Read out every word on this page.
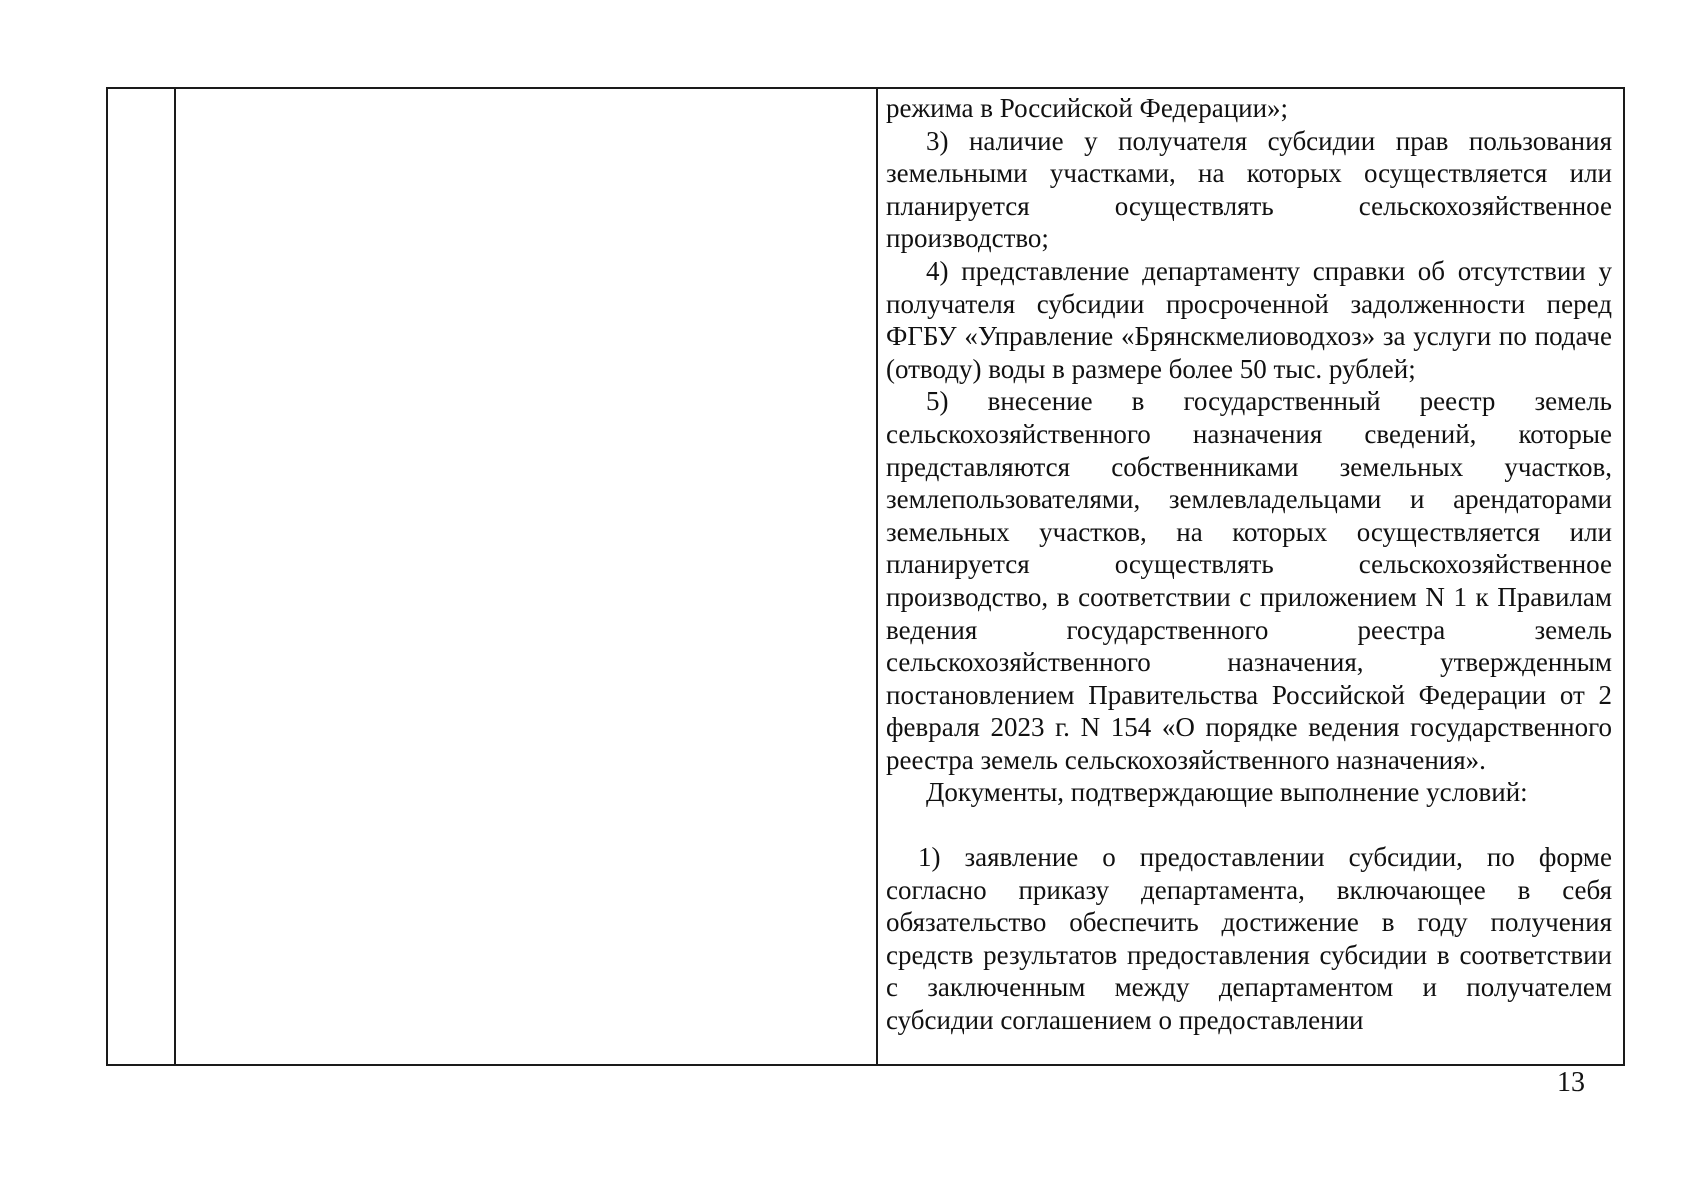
режима в Российской Федерации»;

3) наличие у получателя субсидии прав пользования земельными участками, на которых осуществляется или планируется осуществлять сельскохозяйственное производство;

4) представление департаменту справки об отсутствии у получателя субсидии просроченной задолженности перед ФГБУ «Управление «Брянскмелиоводхоз» за услуги по подаче (отводу) воды в размере более 50 тыс. рублей;

5) внесение в государственный реестр земель сельскохозяйственного назначения сведений, которые представляются собственниками земельных участков, землепользователями, землевладельцами и арендаторами земельных участков, на которых осуществляется или планируется осуществлять сельскохозяйственное производство, в соответствии с приложением N 1 к Правилам ведения государственного реестра земель сельскохозяйственного назначения, утвержденным постановлением Правительства Российской Федерации от 2 февраля 2023 г. N 154 «О порядке ведения государственного реестра земель сельскохозяйственного назначения».

Документы, подтверждающие выполнение условий:

1) заявление о предоставлении субсидии, по форме согласно приказу департамента, включающее в себя обязательство обеспечить достижение в году получения средств результатов предоставления субсидии в соответствии с заключенным между департаментом и получателем субсидии соглашением о предоставлении

13
